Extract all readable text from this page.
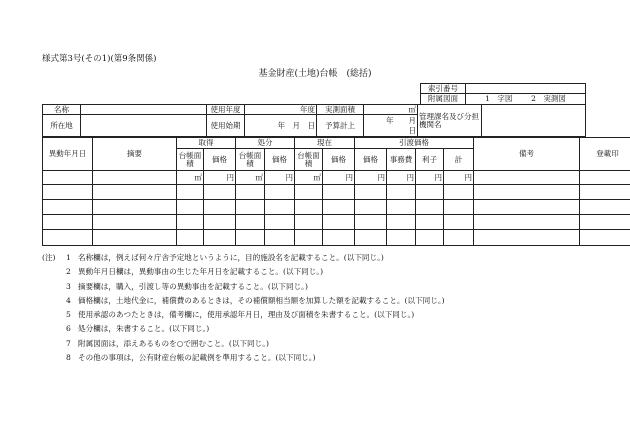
様式第3号(その1)(第9条関係)
基金財産(土地)台帳　(総括)
索引番号	
附属図面	1　字図 2　実測図
名称		使用年度	年度	実測面積	㎡	管理課名及び分担機関名	
所在地		使用始期	年　月　日	予算計上	年　　月
日		
異動年月日	摘要	取得		処分		現在		引渡価格				備考	登載印
		台帳面積	価格	台帳面積	価格	台帳面積	価格	価格	事務費	利子	計		
		㎡	円	㎡	円	㎡	円	円	円	円	円		

(注) 1 名称欄は，例えば何々庁舎予定地というように，目的施設名を記載すること。(以下同じ。)
2 異動年月日欄は，異動事由の生じた年月日を記載すること。(以下同じ。)
3 摘要欄は，購入，引渡し等の異動事由を記載すること。(以下同じ。)
4 価格欄は，土地代金に，補償費のあるときは，その補償額相当額を加算した額を記載すること。(以下同じ。)
5 使用承認のあつたときは，備考欄に，使用承認年月日，理由及び面積を朱書すること。(以下同じ。)
6 処分欄は，朱書すること。(以下同じ。)
7 附属図面は，添えあるものを○で囲むこと。(以下同じ。)
8 その他の事項は，公有財産台帳の記載例を準用すること。(以下同じ。)
